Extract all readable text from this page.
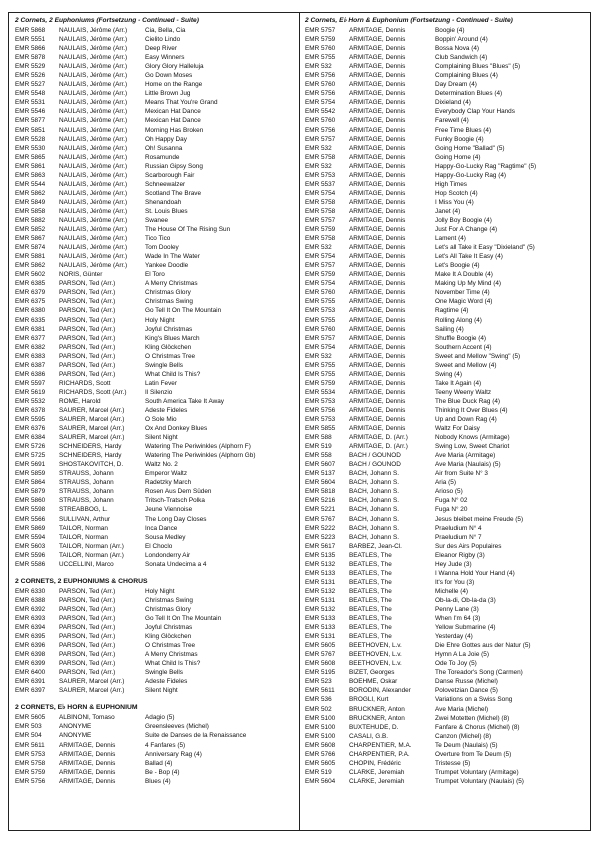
2 Cornets, 2 Euphoniums (Fortsetzung - Continued - Suite)
EMR 5868	NAULAIS, Jérôme (Arr.)	Cia, Bella, Cia
EMR 5551	NAULAIS, Jérôme (Arr.)	Cielito Lindo
EMR 5866	NAULAIS, Jérôme (Arr.)	Deep River
EMR 5878	NAULAIS, Jérôme (Arr.)	Easy Winners
EMR 5529	NAULAIS, Jérôme (Arr.)	Glory Glory Halleluja
EMR 5526	NAULAIS, Jérôme (Arr.)	Go Down Moses
EMR 5527	NAULAIS, Jérôme (Arr.)	Home on the Range
EMR 5548	NAULAIS, Jérôme (Arr.)	Little Brown Jug
EMR 5531	NAULAIS, Jérôme (Arr.)	Means That You're Grand
EMR 5546	NAULAIS, Jérôme (Arr.)	Mexican Hat Dance
EMR 5877	NAULAIS, Jérôme (Arr.)	Mexican Hat Dance
EMR 5851	NAULAIS, Jérôme (Arr.)	Morning Has Broken
EMR 5528	NAULAIS, Jérôme (Arr.)	Oh Happy Day
EMR 5530	NAULAIS, Jérôme (Arr.)	Oh! Susanna
EMR 5865	NAULAIS, Jérôme (Arr.)	Rosamunde
EMR 5861	NAULAIS, Jérôme (Arr.)	Russian Gipsy Song
EMR 5863	NAULAIS, Jérôme (Arr.)	Scarborough Fair
EMR 5544	NAULAIS, Jérôme (Arr.)	Schneewalzer
EMR 5862	NAULAIS, Jérôme (Arr.)	Scotland The Brave
EMR 5849	NAULAIS, Jérôme (Arr.)	Shenandoah
EMR 5858	NAULAIS, Jérôme (Arr.)	St. Louis Blues
EMR 5882	NAULAIS, Jérôme (Arr.)	Swanee
EMR 5852	NAULAIS, Jérôme (Arr.)	The House Of The Rising Sun
EMR 5867	NAULAIS, Jérôme (Arr.)	Tico Tico
EMR 5874	NAULAIS, Jérôme (Arr.)	Tom Dooley
EMR 5881	NAULAIS, Jérôme (Arr.)	Wade In The Water
EMR 5862	NAULAIS, Jérôme (Arr.)	Yankee Doodle
EMR 5602	NORIS, Günter	El Toro
EMR 6385	PARSON, Ted (Arr.)	A Merry Christmas
EMR 6379	PARSON, Ted (Arr.)	Christmas Glory
EMR 6375	PARSON, Ted (Arr.)	Christmas Swing
EMR 6380	PARSON, Ted (Arr.)	Go Tell It On The Mountain
EMR 6335	PARSON, Ted (Arr.)	Holy Night
EMR 6381	PARSON, Ted (Arr.)	Joyful Christmas
EMR 6377	PARSON, Ted (Arr.)	King's Blues March
EMR 6382	PARSON, Ted (Arr.)	Kling Glöckchen
EMR 6383	PARSON, Ted (Arr.)	O Christmas Tree
EMR 6387	PARSON, Ted (Arr.)	Swingle Bells
EMR 6386	PARSON, Ted (Arr.)	What Child Is This?
EMR 5597	RICHARDS, Scott	Latin Fever
EMR 5619	RICHARDS, Scott (Arr.)	Il Silenzio
EMR 5532	ROME, Harold	South America Take It Away
EMR 6378	SAURER, Marcel (Arr.)	Adeste Fideles
EMR 5595	SAURER, Marcel (Arr.)	O Sole Mio
EMR 6376	SAURER, Marcel (Arr.)	Ox And Donkey Blues
EMR 6384	SAURER, Marcel (Arr.)	Silent Night
EMR 5726	SCHNEIDERS, Hardy	Watering The Periwinkles (Alphorn F)
EMR 5725	SCHNEIDERS, Hardy	Watering The Periwinkles (Alphorn Gb)
EMR 5691	SHOSTAKOVITCH, D.	Waltz No. 2
EMR 5859	STRAUSS, Johann	Emperor Waltz
EMR 5864	STRAUSS, Johann	Radetzky March
EMR 5879	STRAUSS, Johann	Rosen Aus Dem Süden
EMR 5860	STRAUSS, Johann	Tritsch-Tratsch Polka
EMR 5598	STREABBOG, L.	Jeune Viennoise
EMR 5566	SULLIVAN, Arthur	The Long Day Closes
EMR 5869	TAILOR, Norman	Inca Dance
EMR 5594	TAILOR, Norman	Sousa Medley
EMR 5603	TAILOR, Norman (Arr.)	El Choclo
EMR 5596	TAILOR, Norman (Arr.)	Londonderry Air
EMR 5586	UCCELLINI, Marco	Sonata Undecima a 4
2 CORNETS, 2 EUPHONIUMS & CHORUS
EMR 6330	PARSON, Ted (Arr.)	Holy Night
EMR 6388	PARSON, Ted (Arr.)	Christmas Swing
EMR 6392	PARSON, Ted (Arr.)	Christmas Glory
EMR 6393	PARSON, Ted (Arr.)	Go Tell It On The Mountain
EMR 6394	PARSON, Ted (Arr.)	Joyful Christmas
EMR 6395	PARSON, Ted (Arr.)	Kling Glöckchen
EMR 6396	PARSON, Ted (Arr.)	O Christmas Tree
EMR 6398	PARSON, Ted (Arr.)	A Merry Christmas
EMR 6399	PARSON, Ted (Arr.)	What Child Is This?
EMR 6400	PARSON, Ted (Arr.)	Swingle Bells
EMR 6391	SAURER, Marcel (Arr.)	Adeste Fideles
EMR 6397	SAURER, Marcel (Arr.)	Silent Night
2 CORNETS, E♭ HORN & EUPHONIUM
EMR 5605	ALBINONI, Tomaso	Adagio (5)
EMR 503	ANONYME	Greensleeves (Michel)
EMR 504	ANONYME	Suite de Danses de la Renaissance
EMR 5611	ARMITAGE, Dennis	4 Fanfares (5)
EMR 5753	ARMITAGE, Dennis	Anniversary Rag (4)
EMR 5758	ARMITAGE, Dennis	Ballad (4)
EMR 5759	ARMITAGE, Dennis	Be - Bop (4)
EMR 5756	ARMITAGE, Dennis	Blues (4)
2 Cornets, E♭ Horn & Euphonium (Fortsetzung - Continued - Suite)
EMR 5757	ARMITAGE, Dennis	Boogie (4)
EMR 5759	ARMITAGE, Dennis	Boppin' Around (4)
EMR 5760	ARMITAGE, Dennis	Bossa Nova (4)
EMR 5755	ARMITAGE, Dennis	Club Sandwich (4)
EMR 532	ARMITAGE, Dennis	Complaining Blues "Blues" (5)
EMR 5756	ARMITAGE, Dennis	Complaining Blues (4)
EMR 5760	ARMITAGE, Dennis	Day Dream (4)
EMR 5756	ARMITAGE, Dennis	Determination Blues (4)
EMR 5754	ARMITAGE, Dennis	Dixieland (4)
EMR 5542	ARMITAGE, Dennis	Everybody Clap Your Hands
EMR 5760	ARMITAGE, Dennis	Farewell (4)
EMR 5756	ARMITAGE, Dennis	Free Time Blues (4)
EMR 5757	ARMITAGE, Dennis	Funky Boogie (4)
EMR 532	ARMITAGE, Dennis	Going Home "Ballad" (5)
EMR 5758	ARMITAGE, Dennis	Going Home (4)
EMR 532	ARMITAGE, Dennis	Happy-Go-Lucky Rag "Ragtime" (5)
EMR 5753	ARMITAGE, Dennis	Happy-Go-Lucky Rag (4)
EMR 5537	ARMITAGE, Dennis	High Times
EMR 5754	ARMITAGE, Dennis	Hop Scotch (4)
EMR 5758	ARMITAGE, Dennis	I Miss You (4)
EMR 5758	ARMITAGE, Dennis	Janet (4)
EMR 5757	ARMITAGE, Dennis	Jolly Boy Boogie (4)
EMR 5759	ARMITAGE, Dennis	Just For A Change (4)
EMR 5758	ARMITAGE, Dennis	Lament (4)
EMR 532	ARMITAGE, Dennis	Let's all Take it Easy "Dixieland" (5)
EMR 5754	ARMITAGE, Dennis	Let's All Take It Easy (4)
EMR 5757	ARMITAGE, Dennis	Let's Boogie (4)
EMR 5759	ARMITAGE, Dennis	Make It A Double (4)
EMR 5754	ARMITAGE, Dennis	Making Up My Mind (4)
EMR 5760	ARMITAGE, Dennis	November Time (4)
EMR 5755	ARMITAGE, Dennis	One Magic Word (4)
EMR 5753	ARMITAGE, Dennis	Ragtime (4)
EMR 5755	ARMITAGE, Dennis	Rolling Along (4)
EMR 5760	ARMITAGE, Dennis	Sailing (4)
EMR 5757	ARMITAGE, Dennis	Shuffle Boogie (4)
EMR 5754	ARMITAGE, Dennis	Southern Accent (4)
EMR 532	ARMITAGE, Dennis	Sweet and Mellow "Swing" (5)
EMR 5755	ARMITAGE, Dennis	Sweet and Mellow (4)
EMR 5755	ARMITAGE, Dennis	Swing (4)
EMR 5759	ARMITAGE, Dennis	Take It Again (4)
EMR 5534	ARMITAGE, Dennis	Teeny Weeny Waltz
EMR 5753	ARMITAGE, Dennis	The Blue Duck Rag (4)
EMR 5756	ARMITAGE, Dennis	Thinking It Over Blues (4)
EMR 5753	ARMITAGE, Dennis	Up and Down Rag (4)
EMR 5855	ARMITAGE, Dennis	Waltz For Daisy
EMR 588	ARMITAGE, D. (Arr.)	Nobody Knows (Armitage)
EMR 519	ARMITAGE, D. (Arr.)	Swing Low, Sweet Chariot
EMR 558	BACH / GOUNOD	Ave Maria (Armitage)
EMR 5607	BACH / GOUNOD	Ave Maria (Naulais) (5)
EMR 5137	BACH, Johann S.	Air from Suite N° 3
EMR 5604	BACH, Johann S.	Aria (5)
EMR 5818	BACH, Johann S.	Arioso (5)
EMR 5216	BACH, Johann S.	Fuga N° 02
EMR 5221	BACH, Johann S.	Fuga N° 20
EMR 5767	BACH, Johann S.	Jesus bleibet meine Freude (5)
EMR 5222	BACH, Johann S.	Praeludium N° 4
EMR 5223	BACH, Johann S.	Praeludium N° 7
EMR 5617	BARBEZ, Jean-Cl.	Sur des Airs Populaires
EMR 5135	BEATLES, The	Eleanor Rigby (3)
EMR 5132	BEATLES, The	Hey Jude (3)
EMR 5133	BEATLES, The	I Wanna Hold Your Hand (4)
EMR 5131	BEATLES, The	It's for You (3)
EMR 5132	BEATLES, The	Michelle (4)
EMR 5131	BEATLES, The	Ob-la-di, Ob-la-da (3)
EMR 5132	BEATLES, The	Penny Lane (3)
EMR 5133	BEATLES, The	When I'm 64 (3)
EMR 5133	BEATLES, The	Yellow Submarine (4)
EMR 5131	BEATLES, The	Yesterday (4)
EMR 5605	BEETHOVEN, L.v.	Die Ehre Gottes aus der Natur (5)
EMR 5767	BEETHOVEN, L.v.	Hymn A La Joie (5)
EMR 5608	BEETHOVEN, L.v.	Ode To Joy (5)
EMR 5195	BIZET, Georges	The Toreador's Song (Carmen)
EMR 523	BOEHME, Oskar	Danse Russe (Michel)
EMR 5611	BORODIN, Alexander	Polovetzian Dance (5)
EMR 536	BROGLI, Kurt	Variations on a Swiss Song
EMR 502	BRUCKNER, Anton	Ave Maria (Michel)
EMR 5100	BRUCKNER, Anton	Zwei Motetten (Michel) (8)
EMR 5100	BUXTEHUDE, D.	Fanfare & Chorus (Michel) (8)
EMR 5100	CASALI, G.B.	Canzon (Michel) (8)
EMR 5608	CHARPENTIER, M.A.	Te Deum (Naulais) (5)
EMR 5766	CHARPENTIER, P.A.	Overture from Te Deum (5)
EMR 5605	CHOPIN, Frédéric	Tristesse (5)
EMR 519	CLARKE, Jeremiah	Trumpet Voluntary (Armitage)
EMR 5604	CLARKE, Jeremiah	Trumpet Voluntary (Naulais) (5)
